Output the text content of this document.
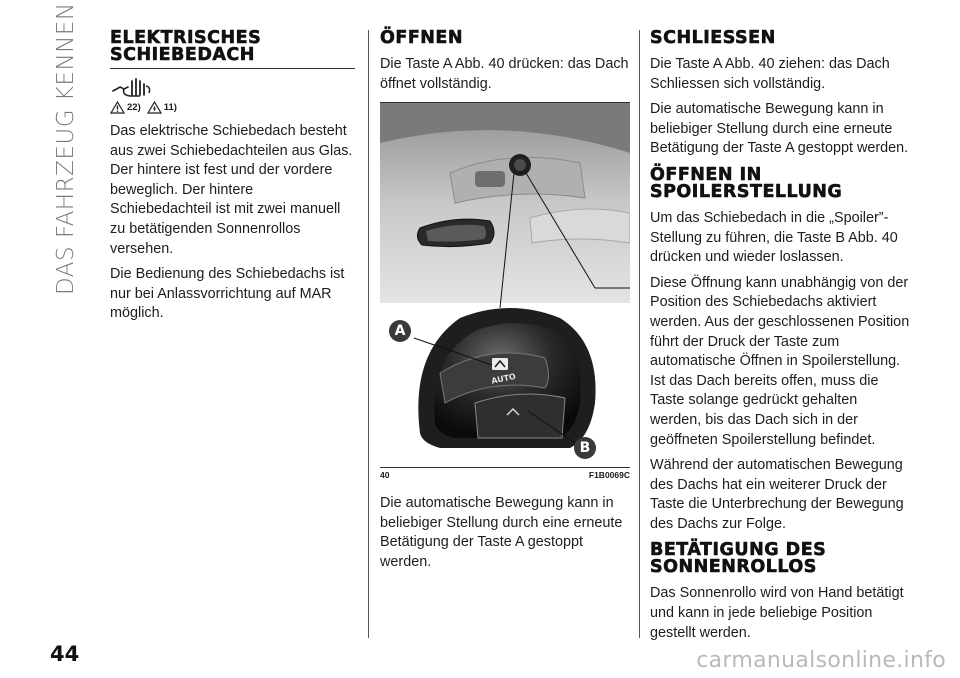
DAS FAHRZEUG KENNEN ELEKTRISCHES SCHIEBEDACH
22) 11)

Das elektrische Schiebedach besteht aus zwei Schiebedachteilen aus Glas. Der hintere ist fest und der vordere beweglich. Der hintere Schiebedachteil ist mit zwei manuell zu betätigenden Sonnenrollos versehen.

Die Bedienung des Schiebedachs ist nur bei Anlassvorrichtung auf MAR möglich.

ÖFFNEN

Die Taste A Abb. 40 drücken: das Dach öffnet vollständig.

AUTO
A
B
40	F1B0069C

Die automatische Bewegung kann in beliebiger Stellung durch eine erneute Betätigung der Taste A gestoppt werden.

SCHLIESSEN

Die Taste A Abb. 40 ziehen: das Dach Schliessen sich vollständig.

Die automatische Bewegung kann in beliebiger Stellung durch eine erneute Betätigung der Taste A gestoppt werden.

ÖFFNEN IN SPOILERSTELLUNG

Um das Schiebedach in die „Spoiler”-Stellung zu führen, die Taste B Abb. 40 drücken und wieder loslassen.

Diese Öffnung kann unabhängig von der Position des Schiebedachs aktiviert werden. Aus der geschlossenen Position führt der Druck der Taste zum automatische Öffnen in Spoilerstellung. Ist das Dach bereits offen, muss die Taste solange gedrückt gehalten werden, bis das Dach sich in der geöffneten Spoilerstellung befindet.

Während der automatischen Bewegung des Dachs hat ein weiterer Druck der Taste die Unterbrechung der Bewegung des Dachs zur Folge.

BETÄTIGUNG DES SONNENROLLOS

Das Sonnenrollo wird von Hand betätigt und kann in jede beliebige Position gestellt werden.

44	carmanualsonline.info
